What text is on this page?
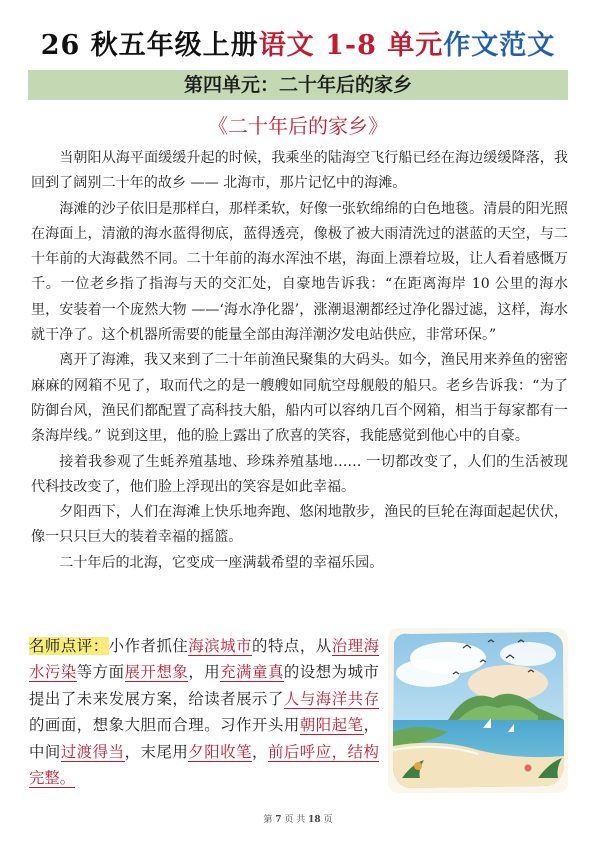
26 秋五年级上册语文 1-8 单元作文范文
第四单元：二十年后的家乡
《二十年后的家乡》

当朝阳从海平面缓缓升起的时候，我乘坐的陆海空飞行船已经在海边缓缓降落，我回到了阔别二十年的故乡 —— 北海市，那片记忆中的海滩。

海滩的沙子依旧是那样白，那样柔软，好像一张软绵绵的白色地毯。清晨的阳光照在海面上，清澈的海水蓝得彻底，蓝得透亮，像极了被大雨清洗过的湛蓝的天空，与二十年前的大海截然不同。二十年前的海水浑浊不堪，海面上漂着垃圾，让人看着感慨万千。一位老乡指了指海与天的交汇处，自豪地告诉我：“在距离海岸 10 公里的海水里，安装着一个庞然大物 ——‘海水净化器’，涨潮退潮都经过净化器过滤，这样，海水就干净了。这个机器所需要的能量全部由海洋潮汐发电站供应，非常环保。”

离开了海滩，我又来到了二十年前渔民聚集的大码头。如今，渔民用来养鱼的密密麻麻的网箱不见了，取而代之的是一艘艘如同航空母舰般的船只。老乡告诉我：“为了防御台风，渔民们都配置了高科技大船，船内可以容纳几百个网箱，相当于每家都有一条海岸线。” 说到这里，他的脸上露出了欣喜的笑容，我能感觉到他心中的自豪。

接着我参观了生蚝养殖基地、珍珠养殖基地…… 一切都改变了，人们的生活被现代科技改变了，他们脸上浮现出的笑容是如此幸福。

夕阳西下，人们在海滩上快乐地奔跑、悠闲地散步，渔民的巨轮在海面起起伏伏，像一只只巨大的装着幸福的摇篮。

二十年后的北海，它变成一座满载希望的幸福乐园。

名师点评：小作者抓住海滨城市的特点，从治理海水污染等方面展开想象，用充满童真的设想为城市提出了未来发展方案，给读者展示了人与海洋共存的画面，想象大胆而合理。习作开头用朝阳起笔，中间过渡得当，末尾用夕阳收笔，前后呼应，结构完整。
第 7 页 共 18 页
